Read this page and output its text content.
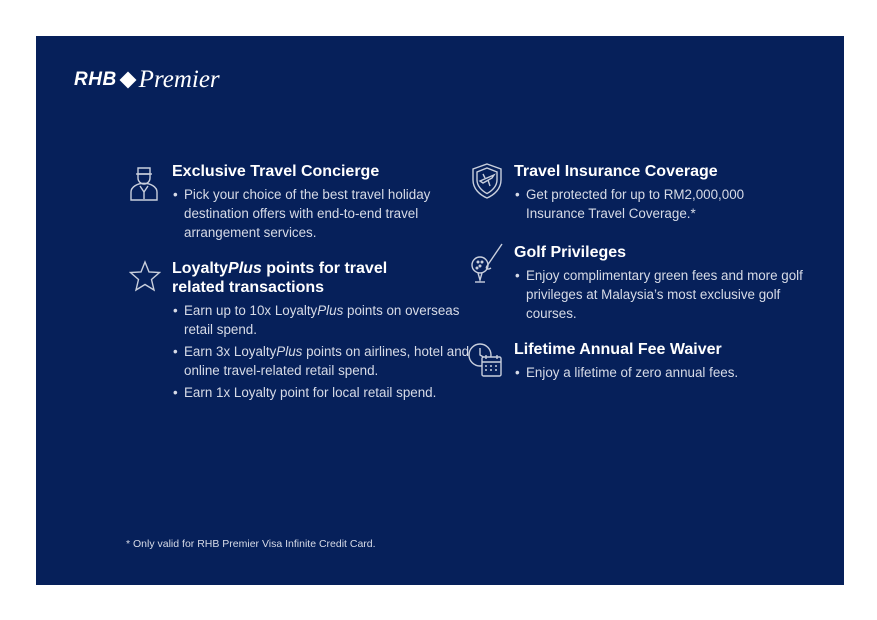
RHB Premier
Exclusive Travel Concierge
• Pick your choice of the best travel holiday destination offers with end-to-end travel arrangement services.
LoyaltyPlus points for travel
related transactions
• Earn up to 10x LoyaltyPlus points on overseas retail spend.
• Earn 3x LoyaltyPlus points on airlines, hotel and online travel-related retail spend.
• Earn 1x Loyalty point for local retail spend.
Travel Insurance Coverage
• Get protected for up to RM2,000,000 Insurance Travel Coverage.*
Golf Privileges
• Enjoy complimentary green fees and more golf privileges at Malaysia’s most exclusive golf courses.
Lifetime Annual Fee Waiver
• Enjoy a lifetime of zero annual fees.
* Only valid for RHB Premier Visa Infinite Credit Card.
